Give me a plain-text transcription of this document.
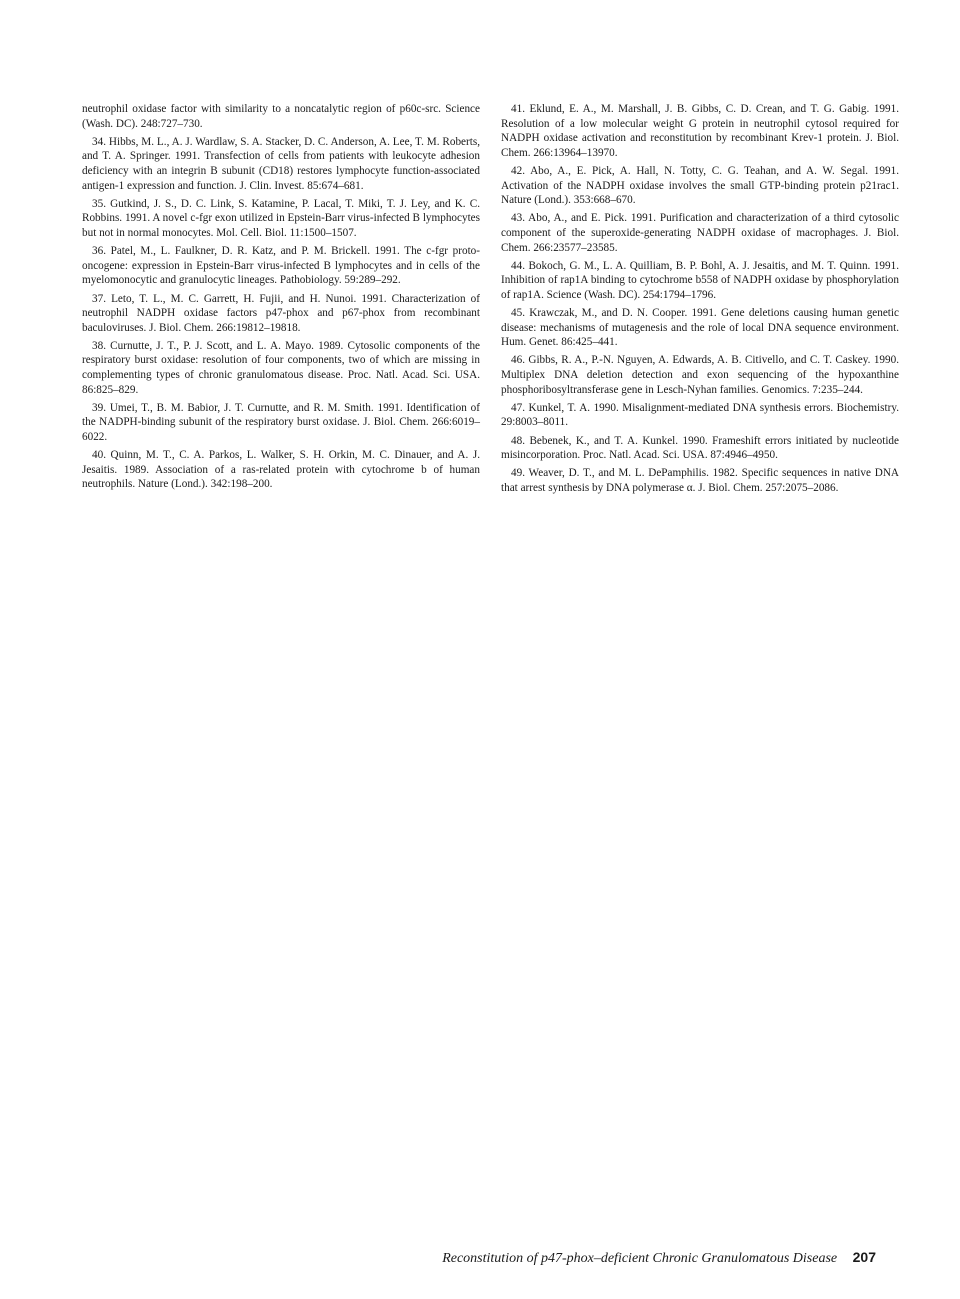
neutrophil oxidase factor with similarity to a noncatalytic region of p60c-src. Science (Wash. DC). 248:727–730.

34. Hibbs, M. L., A. J. Wardlaw, S. A. Stacker, D. C. Anderson, A. Lee, T. M. Roberts, and T. A. Springer. 1991. Transfection of cells from patients with leukocyte adhesion deficiency with an integrin B subunit (CD18) restores lymphocyte function-associated antigen-1 expression and function. J. Clin. Invest. 85:674–681.

35. Gutkind, J. S., D. C. Link, S. Katamine, P. Lacal, T. Miki, T. J. Ley, and K. C. Robbins. 1991. A novel c-fgr exon utilized in Epstein-Barr virus-infected B lymphocytes but not in normal monocytes. Mol. Cell. Biol. 11:1500–1507.

36. Patel, M., L. Faulkner, D. R. Katz, and P. M. Brickell. 1991. The c-fgr proto-oncogene: expression in Epstein-Barr virus-infected B lymphocytes and in cells of the myelomonocytic and granulocytic lineages. Pathobiology. 59:289–292.

37. Leto, T. L., M. C. Garrett, H. Fujii, and H. Nunoi. 1991. Characterization of neutrophil NADPH oxidase factors p47-phox and p67-phox from recombinant baculoviruses. J. Biol. Chem. 266:19812–19818.

38. Curnutte, J. T., P. J. Scott, and L. A. Mayo. 1989. Cytosolic components of the respiratory burst oxidase: resolution of four components, two of which are missing in complementing types of chronic granulomatous disease. Proc. Natl. Acad. Sci. USA. 86:825–829.

39. Umei, T., B. M. Babior, J. T. Curnutte, and R. M. Smith. 1991. Identification of the NADPH-binding subunit of the respiratory burst oxidase. J. Biol. Chem. 266:6019–6022.

40. Quinn, M. T., C. A. Parkos, L. Walker, S. H. Orkin, M. C. Dinauer, and A. J. Jesaitis. 1989. Association of a ras-related protein with cytochrome b of human neutrophils. Nature (Lond.). 342:198–200.

41. Eklund, E. A., M. Marshall, J. B. Gibbs, C. D. Crean, and T. G. Gabig. 1991. Resolution of a low molecular weight G protein in neutrophil cytosol required for NADPH oxidase activation and reconstitution by recombinant Krev-1 protein. J. Biol. Chem. 266:13964–13970.

42. Abo, A., E. Pick, A. Hall, N. Totty, C. G. Teahan, and A. W. Segal. 1991. Activation of the NADPH oxidase involves the small GTP-binding protein p21rac1. Nature (Lond.). 353:668–670.

43. Abo, A., and E. Pick. 1991. Purification and characterization of a third cytosolic component of the superoxide-generating NADPH oxidase of macrophages. J. Biol. Chem. 266:23577–23585.

44. Bokoch, G. M., L. A. Quilliam, B. P. Bohl, A. J. Jesaitis, and M. T. Quinn. 1991. Inhibition of rap1A binding to cytochrome b558 of NADPH oxidase by phosphorylation of rap1A. Science (Wash. DC). 254:1794–1796.

45. Krawczak, M., and D. N. Cooper. 1991. Gene deletions causing human genetic disease: mechanisms of mutagenesis and the role of local DNA sequence environment. Hum. Genet. 86:425–441.

46. Gibbs, R. A., P.-N. Nguyen, A. Edwards, A. B. Citivello, and C. T. Caskey. 1990. Multiplex DNA deletion detection and exon sequencing of the hypoxanthine phosphoribosyltransferase gene in Lesch-Nyhan families. Genomics. 7:235–244.

47. Kunkel, T. A. 1990. Misalignment-mediated DNA synthesis errors. Biochemistry. 29:8003–8011.

48. Bebenek, K., and T. A. Kunkel. 1990. Frameshift errors initiated by nucleotide misincorporation. Proc. Natl. Acad. Sci. USA. 87:4946–4950.

49. Weaver, D. T., and M. L. DePamphilis. 1982. Specific sequences in native DNA that arrest synthesis by DNA polymerase α. J. Biol. Chem. 257:2075–2086.

Reconstitution of p47-phox–deficient Chronic Granulomatous Disease 207
